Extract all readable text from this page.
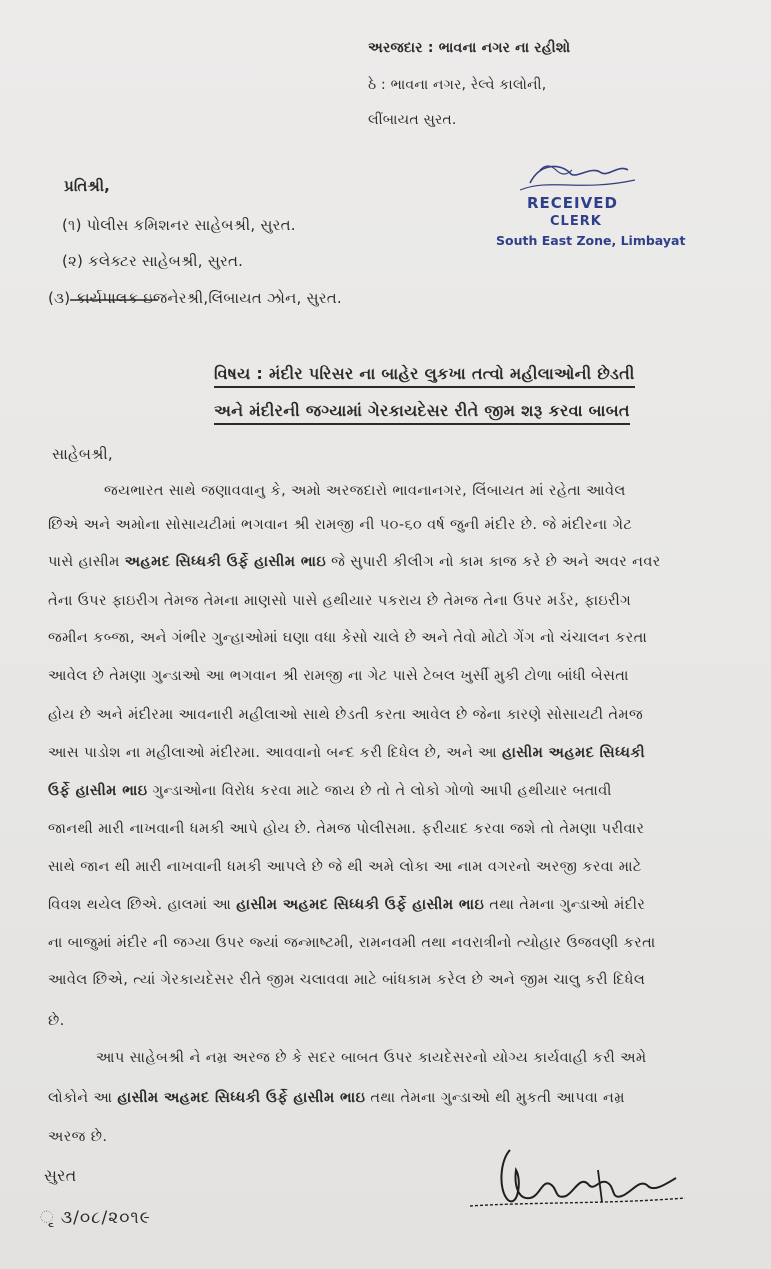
અરજદાર : ભાવના નગર ના રહીશો
ઠે : ભાવના નગર, રેલ્વે કાલોની,
લીંબાયત સુરત.
RECEIVED
CLERK
South East Zone, Limbayat
પ્રતિશ્રી,
(૧) પોલીસ કમિશનર સાહેબશ્રી, સુરત.
(૨) કલેક્ટર સાહેબશ્રી, સુરત.
(૩) કાર્યપાલક ઇજનેરશ્રી,લિંબાયત ઝોન, સુરત.
વિષય : મંદીર પરિસર ના બાહેર લુકખા તત્વો મહીલાઓની છેડતી
અને મંદીરની જગ્યામાં ગેરકાયદેસર રીતે જીમ શરૂ કરવા બાબત
સાહેબશ્રી,
જયભારત સાથે જણાવવાનુ કે, અમો અરજદારો ભાવનાનગર, લિંબાયત માં રહેતા આવેલ
છિએ અને અમોના સોસાયટીમાં ભગવાન શ્રી રામજી ની ૫૦-૬૦ વર્ષ જુની મંદીર છે. જે મંદીરના ગેટ
પાસે હાસીમ અહમદ સિધ્ધકી ઉર્ફે હાસીમ ભાઇ જે સુપારી કીલીગ નો કામ કાજ કરે છે અને અવર નવર
તેના ઉપર ફાઇરીગ તેમજ તેમના માણસો પાસે હથીયાર પકરાય છે તેમજ તેના ઉપર મર્ડર, ફાઇરીગ
જમીન કબ્જા, અને ગંભીર ગુન્હાઓમાં ઘણા વધા કેસો ચાલે છે અને તેવો મોટો ગેંગ નો ચંચાલન કરતા
આવેલ છે તેમણા ગુન્ડાઓ આ ભગવાન શ્રી રામજી ના ગેટ પાસે ટેબલ ખુર્સી મુકી ટોળા બાંધી બેસતા
હોય છે અને મંદીરમા આવનારી મહીલાઓ સાથે છેડતી કરતા આવેલ છે જેના કારણે સોસાયટી તેમજ
આસ પાડોશ ના મહીલાઓ મંદીરમા. આવવાનો બન્દ કરી દિધેલ છે, અને આ હાસીમ અહમદ સિધ્ધકી
ઉર્ફે હાસીમ ભાઇ ગુન્ડાઓના વિરોધ કરવા માટે જાય છે તો તે લોકો ગોળો આપી હથીયાર બતાવી
જાનથી મારી નાખવાની ધમકી આપે હોય છે. તેમજ પોલીસમા. ફરીયાદ કરવા જશે તો તેમણા પરીવાર
સાથે જાન થી મારી નાખવાની ધમકી આપલે છે જે થી અમે લોકા આ નામ વગરનો અરજી કરવા માટે
વિવશ થયેલ છિએ. હાલમાં આ હાસીમ અહમદ સિધ્ધકી ઉર્ફે હાસીમ ભાઇ તથા તેમના ગુન્ડાઓ મંદીર
ના બાજુમાં મંદીર ની જગ્યા ઉપર જ્યાં જન્માષ્ટમી, રામનવમી તથા નવરાત્રીનો ત્યોહાર ઉજવણી કરતા
આવેલ છિએ, ત્યાં ગેરકાયદેસર રીતે જીમ ચલાવવા માટે બાંધકામ કરેલ છે અને જીમ ચાલુ કરી દિધેલ
છે.
આપ સાહેબશ્રી ને નમ્ર અરજ છે કે સદર બાબત ઉપર કાયદેસરનો યોગ્ય કાર્યવાહી કરી અમે
લોકોને આ હાસીમ અહમદ સિધ્ધકી ઉર્ફે હાસીમ ભાઇ તથા તેમના ગુન્ડાઓ થી મુકતી આપવા નમ્ર
અરજ છે.
સુરત
ૃ ૩/૦૮/૨૦૧૯
